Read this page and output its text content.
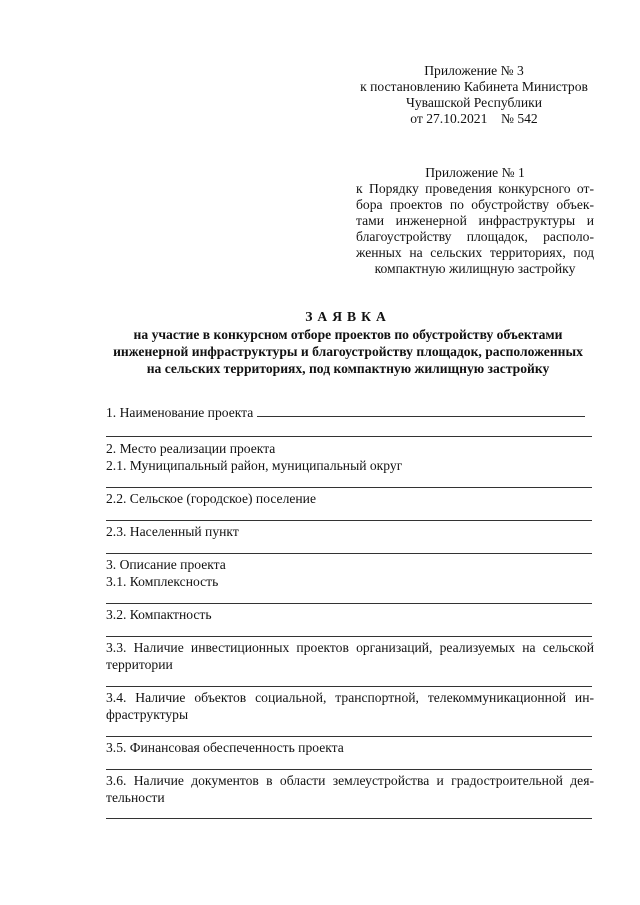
Приложение № 3
к постановлению Кабинета Министров
Чувашской Республики
от 27.10.2021    № 542
Приложение № 1
к Порядку проведения конкурсного от-
бора проектов по обустройству объек-
тами инженерной инфраструктуры и
благоустройству площадок, располо-
женных на сельских территориях, под
компактную жилищную застройку
ЗАЯВКА
на участие в конкурсном отборе проектов по обустройству объектами
инженерной инфраструктуры и благоустройству площадок, расположенных
на сельских территориях, под компактную жилищную застройку
1. Наименование проекта
2. Место реализации проекта
2.1. Муниципальный район, муниципальный округ
2.2. Сельское (городское) поселение
2.3. Населенный пункт
3. Описание проекта
3.1. Комплексность
3.2. Компактность
3.3. Наличие инвестиционных проектов организаций, реализуемых на сельской
территории
3.4. Наличие объектов социальной, транспортной, телекоммуникационной ин-
фраструктуры
3.5. Финансовая обеспеченность проекта
3.6. Наличие документов в области землеустройства и градостроительной дея-
тельности
